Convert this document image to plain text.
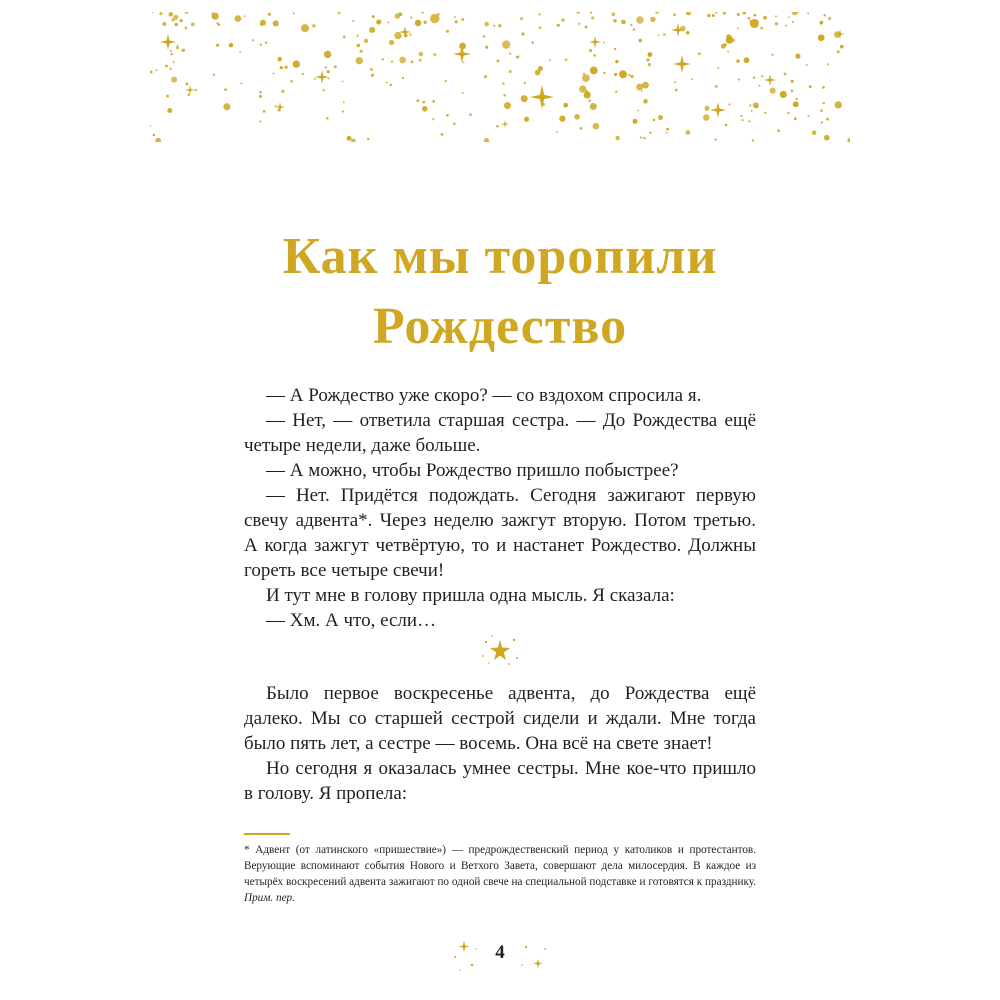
Как мы торопили
Рождество

— А Рождество уже скоро? — со вздохом спросила я.

— Нет, — ответила старшая сестра. — До Рождества ещё четыре недели, даже больше.

— А можно, чтобы Рождество пришло побыстрее?

— Нет. Придётся подождать. Сегодня зажигают первую свечу адвента*. Через неделю зажгут вторую. Потом третью. А когда зажгут четвёртую, то и настанет Рождество. Должны гореть все четыре свечи!

И тут мне в голову пришла одна мысль. Я сказала:

— Хм. А что, если…

Было первое воскресенье адвента, до Рождества ещё далеко. Мы со старшей сестрой сидели и ждали. Мне тогда было пять лет, а сестре — восемь. Она всё на свете знает!

Но сегодня я оказалась умнее сестры. Мне кое-что пришло в голову. Я пропела:

* Адвент (от латинского «пришествие») — предрождественский период у католиков и протестантов. Верующие вспоминают события Нового и Ветхого Завета, совершают дела милосердия. В каждое из четырёх воскресений адвента зажигают по одной свече на специальной подставке и готовятся к празднику. Прим. пер.
4
